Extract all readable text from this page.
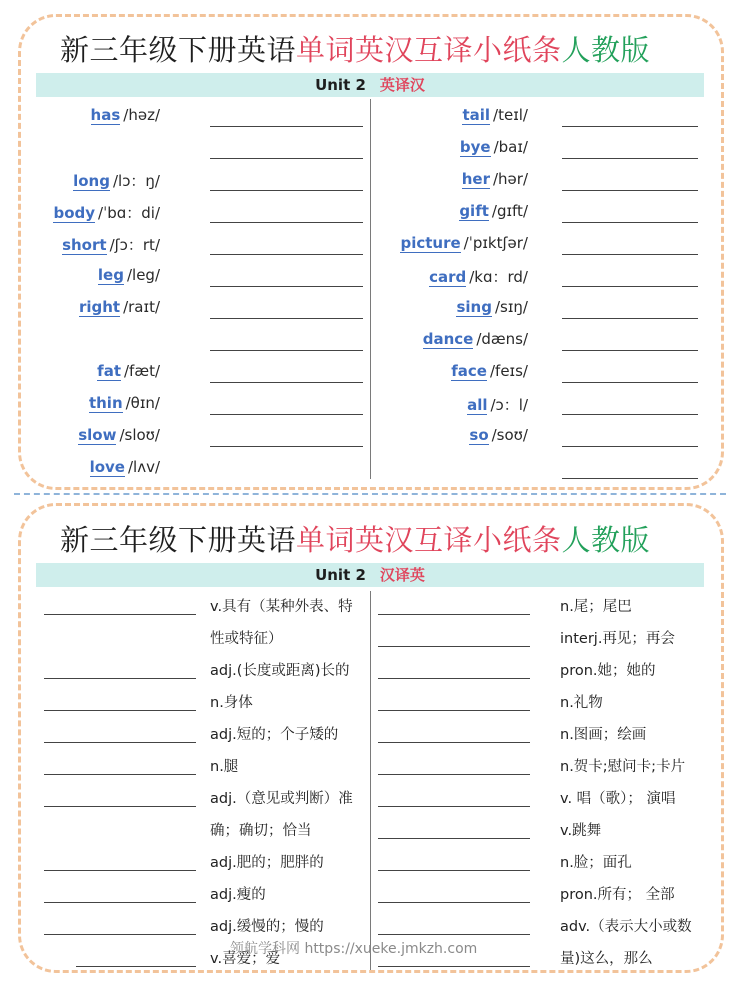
新三年级下册英语单词英汉互译小纸条人教版
Unit 2 英译汉
has /həz/
long /lɔ：ŋ/
body /ˈbɑ：di/
short /ʃɔ：rt/
leg /leg/
right /raɪt/
fat /fæt/
thin /θɪn/
slow /sloʊ/
love /lʌv/
tail /teɪl/
bye /baɪ/
her /hər/
gift /gɪft/
picture /ˈpɪktʃər/
card /kɑ：rd/
sing /sɪŋ/
dance /dæns/
face /feɪs/
all /ɔ：l/
so /soʊ/
新三年级下册英语单词英汉互译小纸条人教版
Unit 2 汉译英
v.具有（某种外表、特
性或特征）
adj.(长度或距离)长的
n.身体
adj.短的；个子矮的
n.腿
adj.（意见或判断）准
确；确切；恰当
adj.肥的；肥胖的
adj.瘦的
adj.缓慢的；慢的
v.喜爱；爱
n.尾；尾巴
interj.再见；再会
pron.她；她的
n.礼物
n.图画；绘画
n.贺卡;慰问卡;卡片
v. 唱（歌）； 演唱
v.跳舞
n.脸；面孔
pron.所有； 全部
adv.（表示大小或数
量)这么，那么
领航学科网 https://xueke.jmkzh.com
